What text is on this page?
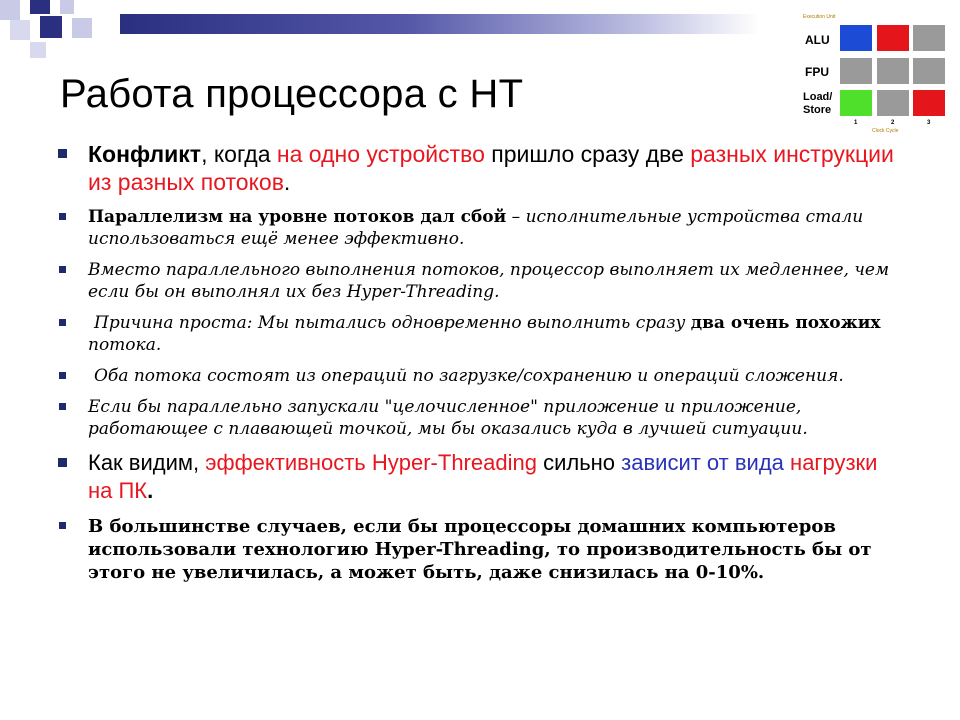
Execution Unit
ALU
FPU
Load/ Store
1	2	3
Clock Cycle
Работа процессора с НТ
Конфликт, когда на одно устройство пришло сразу две разных инструкции из разных потоков.
Параллелизм на уровне потоков дал сбой – исполнительные устройства стали использоваться ещё менее эффективно.
Вместо параллельного выполнения потоков, процессор выполняет их медленнее, чем если бы он выполнял их без Hyper-Threading.
Причина проста: Мы пытались одновременно выполнить сразу два очень похожих потока.
Оба потока состоят из операций по загрузке/сохранению и операций сложения.
Если бы параллельно запускали "целочисленное" приложение и приложение, работающее с плавающей точкой, мы бы оказались куда в лучшей ситуации.
Как видим, эффективность Hyper-Threading сильно зависит от вида нагрузки на ПК.
В большинстве случаев, если бы процессоры домашних компьютеров использовали технологию Hyper-Threading, то производительность бы от этого не увеличилась, а может быть, даже снизилась на 0-10%.
